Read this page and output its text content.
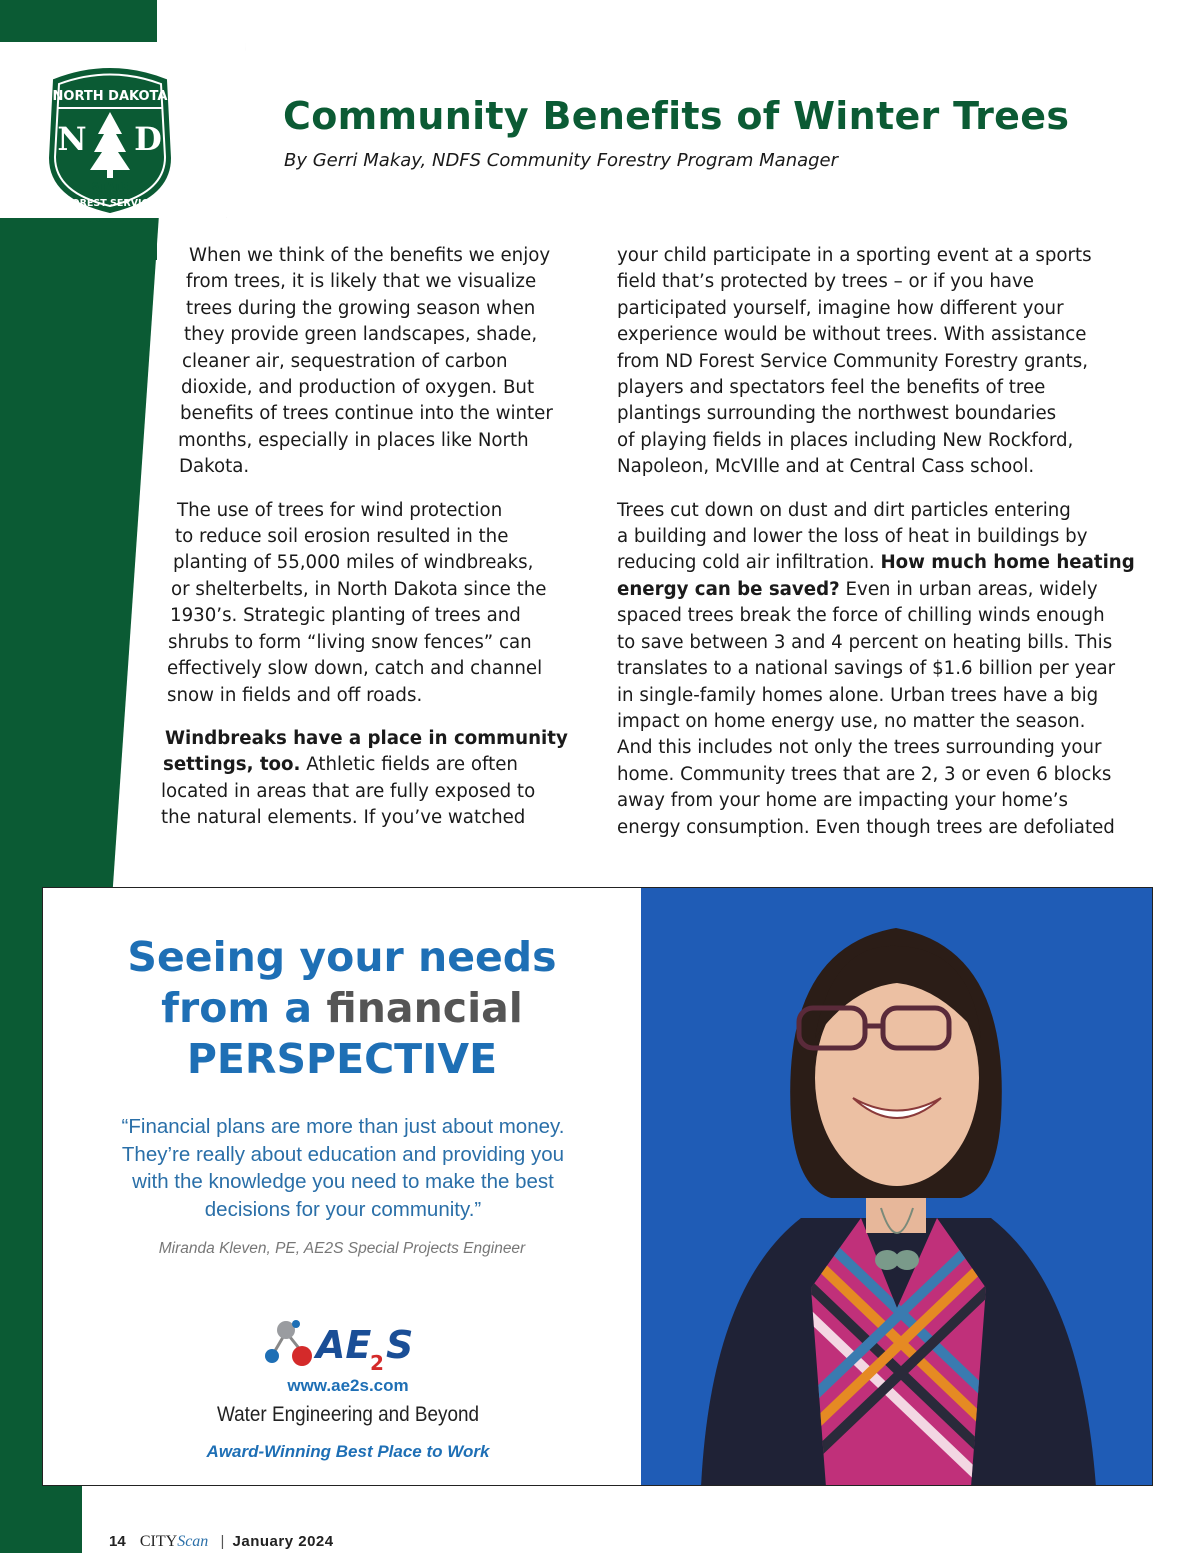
NORTH DAKOTA
N D
STATE
FOREST SERVICE
Community Benefits of Winter Trees

By Gerri Makay, NDFS Community Forestry Program Manager

When we think of the benefits we enjoy
from trees, it is likely that we visualize
trees during the growing season when
they provide green landscapes, shade,
cleaner air, sequestration of carbon
dioxide, and production of oxygen. But
benefits of trees continue into the winter
months, especially in places like North
Dakota.
The use of trees for wind protection
to reduce soil erosion resulted in the
planting of 55,000 miles of windbreaks,
or shelterbelts, in North Dakota since the
1930’s. Strategic planting of trees and
shrubs to form “living snow fences” can
effectively slow down, catch and channel
snow in fields and off roads.
Windbreaks have a place in community
settings, too. Athletic fields are often
located in areas that are fully exposed to
the natural elements. If you’ve watched
your child participate in a sporting event at a sports
field that’s protected by trees – or if you have
participated yourself, imagine how different your
experience would be without trees. With assistance
from ND Forest Service Community Forestry grants,
players and spectators feel the benefits of tree
plantings surrounding the northwest boundaries
of playing fields in places including New Rockford,
Napoleon, McVIlle and at Central Cass school.
Trees cut down on dust and dirt particles entering
a building and lower the loss of heat in buildings by
reducing cold air infiltration. How much home heating
energy can be saved? Even in urban areas, widely
spaced trees break the force of chilling winds enough
to save between 3 and 4 percent on heating bills. This
translates to a national savings of $1.6 billion per year
in single-family homes alone. Urban trees have a big
impact on home energy use, no matter the season.
And this includes not only the trees surrounding your
home. Community trees that are 2, 3 or even 6 blocks
away from your home are impacting your home’s
energy consumption. Even though trees are defoliated
Seeing your needs
from a financial
PERSPECTIVE
“Financial plans are more than just about money.
They’re really about education and providing you
with the knowledge you need to make the best
decisions for your community.”
Miranda Kleven, PE, AE2S Special Projects Engineer
AE
2 S
www.ae2s.com
Water Engineering and Beyond
Award-Winning Best Place to Work
14 CITYScan | January 2024
